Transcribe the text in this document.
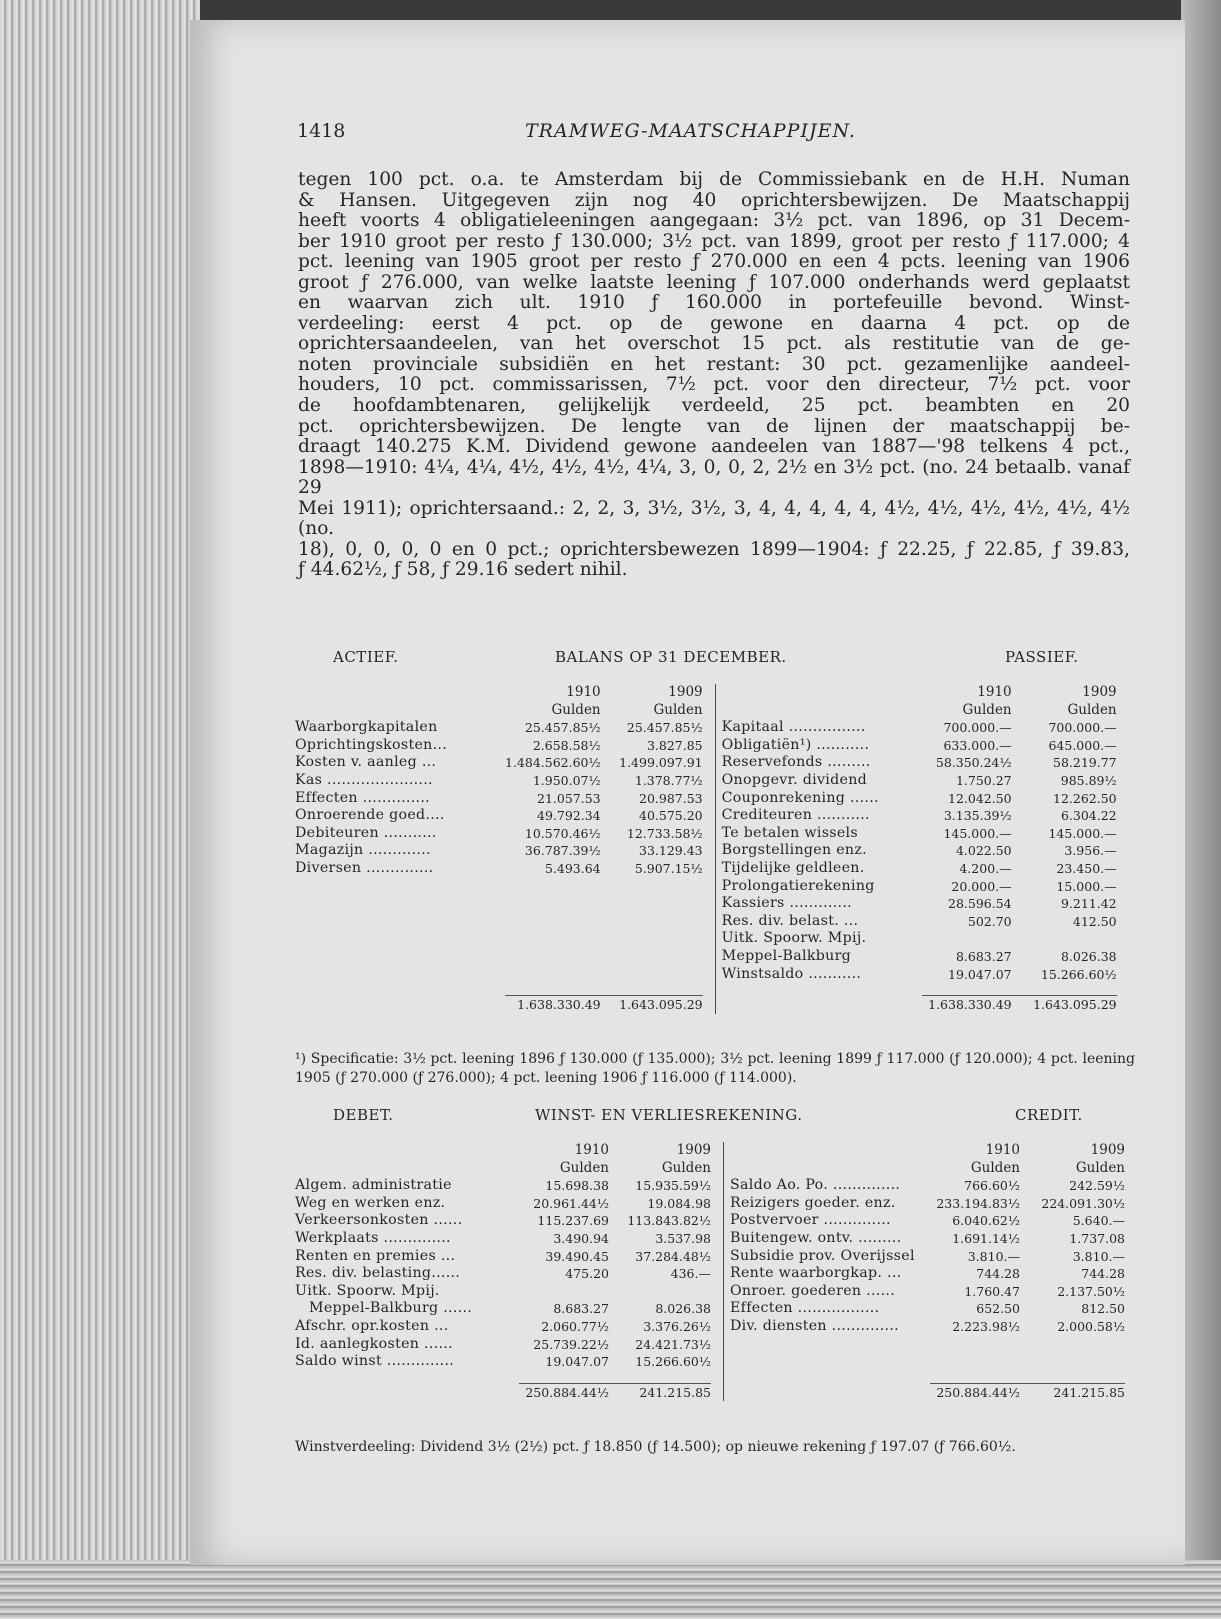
1418	TRAMWEG-MAATSCHAPPIJEN.

tegen 100 pct. o.a. te Amsterdam bij de Commissiebank en de H.H. Numan

& Hansen. Uitgegeven zijn nog 40 oprichtersbewijzen. De Maatschappij

heeft voorts 4 obligatieleeningen aangegaan: 3½ pct. van 1896, op 31 Decem-

ber 1910 groot per resto ƒ 130.000; 3½ pct. van 1899, groot per resto ƒ 117.000; 4

pct. leening van 1905 groot per resto ƒ 270.000 en een 4 pcts. leening van 1906

groot ƒ 276.000, van welke laatste leening ƒ 107.000 onderhands werd geplaatst

en waarvan zich ult. 1910 ƒ 160.000 in portefeuille bevond. Winst-

verdeeling: eerst 4 pct. op de gewone en daarna 4 pct. op de

oprichtersaandeelen, van het overschot 15 pct. als restitutie van de ge-

noten provinciale subsidiën en het restant: 30 pct. gezamenlijke aandeel-

houders, 10 pct. commissarissen, 7½ pct. voor den directeur, 7½ pct. voor

de hoofdambtenaren, gelijkelijk verdeeld, 25 pct. beambten en 20

pct. oprichtersbewijzen. De lengte van de lijnen der maatschappij be-

draagt 140.275 K.M. Dividend gewone aandeelen van 1887—'98 telkens 4 pct.,

1898—1910: 4¼, 4¼, 4½, 4½, 4½, 4¼, 3, 0, 0, 2, 2½ en 3½ pct. (no. 24 betaalb. vanaf 29

Mei 1911); oprichtersaand.: 2, 2, 3, 3½, 3½, 3, 4, 4, 4, 4, 4, 4½, 4½, 4½, 4½, 4½, 4½ (no.

18), 0, 0, 0, 0 en 0 pct.; oprichtersbewezen 1899—1904: ƒ 22.25, ƒ 22.85, ƒ 39.83,

ƒ 44.62½, ƒ 58, ƒ 29.16 sedert nihil.

ACTIEF.	BALANS OP 31 DECEMBER.	PASSIEF.
	1910	1909			1910	1909
	Gulden	Gulden			Gulden	Gulden
Waarborgkapitalen	25.457.85½	25.457.85½		Kapitaal ................	700.000.—	700.000.—
Oprichtingskosten...	2.658.58½	3.827.85		Obligatiën¹) ...........	633.000.—	645.000.—
Kosten v. aanleg ...	1.484.562.60½	1.499.097.91		Reservefonds .........	58.350.24½	58.219.77
Kas ......................	1.950.07½	1.378.77½		Onopgevr. dividend	1.750.27	985.89½
Effecten ..............	21.057.53	20.987.53		Couponrekening ......	12.042.50	12.262.50
Onroerende goed....	49.792.34	40.575.20		Crediteuren ...........	3.135.39½	6.304.22
Debiteuren ...........	10.570.46½	12.733.58½		Te betalen wissels	145.000.—	145.000.—
Magazijn .............	36.787.39½	33.129.43		Borgstellingen enz.	4.022.50	3.956.—
Diversen ..............	5.493.64	5.907.15½		Tijdelijke geldleen.	4.200.—	23.450.—
				Prolongatierekening	20.000.—	15.000.—
				Kassiers .............	28.596.54	9.211.42
				Res. div. belast. ...	502.70	412.50
				Uitk. Spoorw. Mpij.		
				Meppel-Balkburg	8.683.27	8.026.38
				Winstsaldo ...........	19.047.07	15.266.60½

	1.638.330.49	1.643.095.29			1.638.330.49	1.643.095.29
¹) Specificatie: 3½ pct. leening 1896 ƒ 130.000 (ƒ 135.000); 3½ pct. leening 1899 ƒ 117.000 (ƒ 120.000); 4 pct. leening 1905 (ƒ 270.000 (ƒ 276.000); 4 pct. leening 1906 ƒ 116.000 (ƒ 114.000).
DEBET.	WINST- EN VERLIESREKENING.	CREDIT.
	1910	1909			1910	1909
	Gulden	Gulden			Gulden	Gulden
Algem. administratie	15.698.38	15.935.59½		Saldo Ao. Po. ..............	766.60½	242.59½
Weg en werken enz.	20.961.44½	19.084.98		Reizigers goeder. enz.	233.194.83½	224.091.30½
Verkeersonkosten ......	115.237.69	113.843.82½		Postvervoer ..............	6.040.62½	5.640.—
Werkplaats ..............	3.490.94	3.537.98		Buitengew. ontv. .........	1.691.14½	1.737.08
Renten en premies ...	39.490.45	37.284.48½		Subsidie prov. Overijssel	3.810.—	3.810.—
Res. div. belasting......	475.20	436.—		Rente waarborgkap. ...	744.28	744.28
Uitk. Spoorw. Mpij.				Onroer. goederen ......	1.760.47	2.137.50½
Meppel-Balkburg ......	8.683.27	8.026.38		Effecten .................	652.50	812.50
Afschr. opr.kosten ...	2.060.77½	3.376.26½		Div. diensten ..............	2.223.98½	2.000.58½
Id. aanlegkosten ......	25.739.22½	24.421.73½				
Saldo winst ..............	19.047.07	15.266.60½				

	250.884.44½	241.215.85			250.884.44½	241.215.85
Winstverdeeling: Dividend 3½ (2½) pct. ƒ 18.850 (ƒ 14.500); op nieuwe rekening ƒ 197.07 (ƒ 766.60½.
